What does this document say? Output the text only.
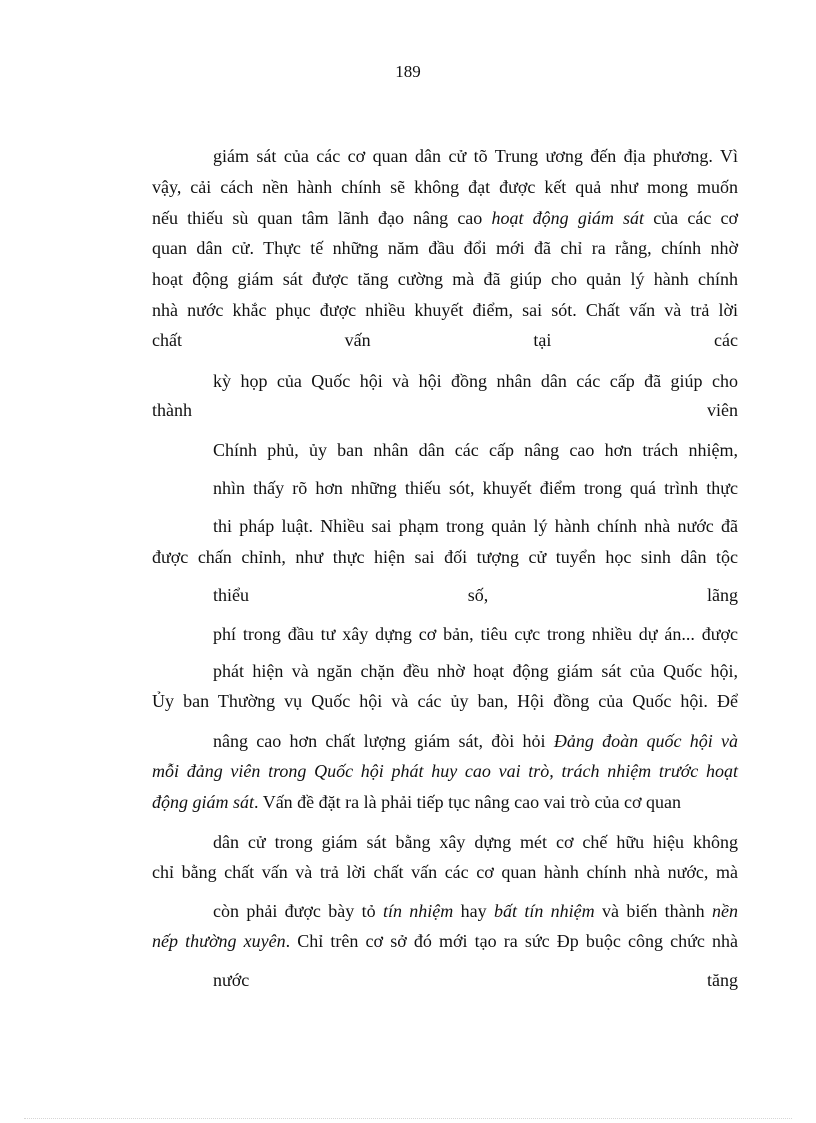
189
giám sát của các cơ quan dân cử tõ Trung ương đến địa phương. Vì
vậy, cải cách nền hành chính sẽ không đạt được kết quả như mong muốn
nếu thiếu sù quan tâm lãnh đạo nâng cao hoạt động giám sát của các cơ
quan dân cử. Thực tế những năm đầu đổi mới đã chỉ ra rằng, chính nhờ
hoạt động giám sát được tăng cường mà đã giúp cho quản lý hành chính
nhà nước khắc phục được nhiều khuyết điểm, sai sót. Chất vấn và trả lời
chất	vấn	tại	các
kỳ họp của Quốc hội và hội đồng nhân dân các cấp đã giúp cho
thành	viên
Chính phủ, ủy ban nhân dân các cấp nâng cao hơn trách nhiệm,
nhìn thấy rõ hơn những thiếu sót, khuyết điểm trong quá trình thực
thi pháp luật. Nhiều sai phạm trong quản lý hành chính nhà nước đã
được chấn chỉnh, như thực hiện sai đối tượng cử tuyển học sinh dân tộc
thiểu	số,	lãng
phí trong đầu tư xây dựng cơ bản, tiêu cực trong nhiều dự án... được
phát hiện và ngăn chặn đều nhờ hoạt động giám sát của Quốc hội,
Ủy ban Thường vụ Quốc hội và các ủy ban, Hội đồng của Quốc hội. Để
nâng cao hơn chất lượng giám sát, đòi hỏi Đảng đoàn quốc hội và
mỗi đảng viên trong Quốc hội phát huy cao vai trò, trách nhiệm trước hoạt
động giám sát. Vấn đề đặt ra là phải tiếp tục nâng cao vai trò của cơ quan
dân cử trong giám sát bằng xây dựng mét cơ chế hữu hiệu không
chỉ bằng chất vấn và trả lời chất vấn các cơ quan hành chính nhà nước, mà
còn phải được bày tỏ tín nhiệm hay bất tín nhiệm và biến thành nền
nếp thường xuyên. Chỉ trên cơ sở đó mới tạo ra sức Ðp buộc công chức nhà
nước	tăng
